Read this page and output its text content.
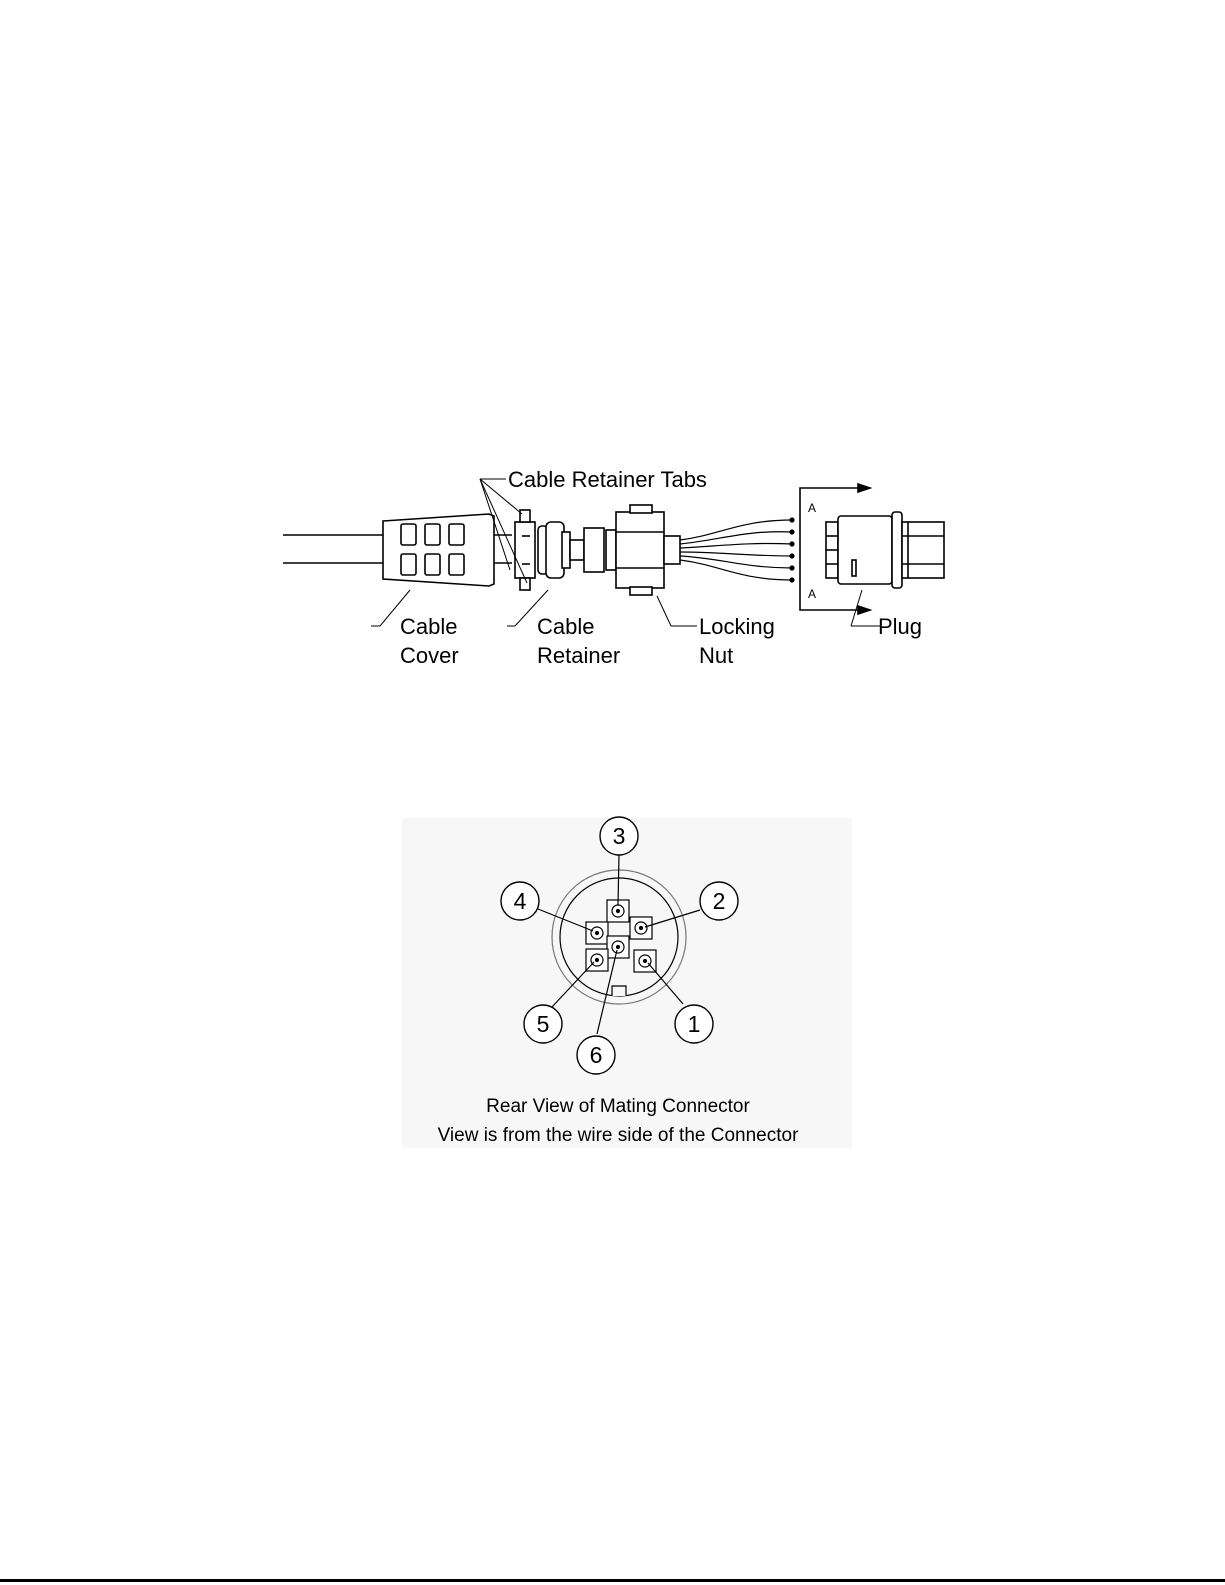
Cable Retainer Tabs
Cable
Cover
Cable
Retainer
Locking
Nut
Plug
A
A
3
4	2
5	1
6
Rear View of Mating Connector
View is from the wire side of the Connector
